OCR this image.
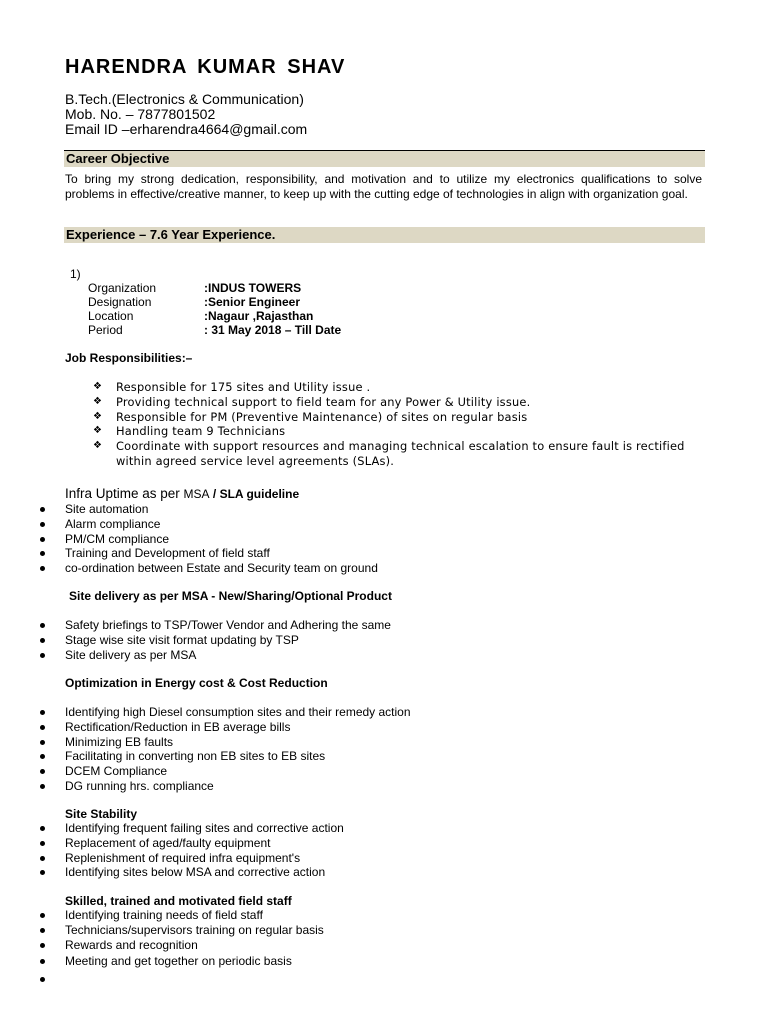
HARENDRA KUMAR SHAV
B.Tech.(Electronics & Communication)
Mob. No. – 7877801502
Email ID –erharendra4664@gmail.com
Career Objective
To bring my strong dedication, responsibility, and motivation and to utilize my electronics qualifications to solve problems in effective/creative manner, to keep up with the cutting edge of technologies in align with organization goal.
Experience – 7.6 Year Experience.
1)
Organization	:INDUS TOWERS
Designation	:Senior Engineer
Location	:Nagaur ,Rajasthan
Period	: 31 May 2018 – Till Date
Job Responsibilities:–
❖ Responsible for 175 sites and Utility issue .
❖ Providing technical support to field team for any Power & Utility issue.
❖ Responsible for PM (Preventive Maintenance) of sites on regular basis
❖ Handling team 9 Technicians
❖ Coordinate with support resources and managing technical escalation to ensure fault is rectified within agreed service level agreements (SLAs).
Infra Uptime as per MSA / SLA guideline
Site automation
Alarm compliance
PM/CM compliance
Training and Development of field staff
co-ordination between Estate and Security team on ground
Site delivery as per MSA - New/Sharing/Optional Product
Safety briefings to TSP/Tower Vendor and Adhering the same
Stage wise site visit format updating by TSP
Site delivery as per MSA
Optimization in Energy cost & Cost Reduction
Identifying high Diesel consumption sites and their remedy action
Rectification/Reduction in EB average bills
Minimizing EB faults
Facilitating in converting non EB sites to EB sites
DCEM Compliance
DG running hrs. compliance
Site Stability
Identifying frequent failing sites and corrective action
Replacement of aged/faulty equipment
Replenishment of required infra equipment's
Identifying sites below MSA and corrective action
Skilled, trained and motivated field staff
Identifying training needs of field staff
Technicians/supervisors training on regular basis
Rewards and recognition
Meeting and get together on periodic basis
